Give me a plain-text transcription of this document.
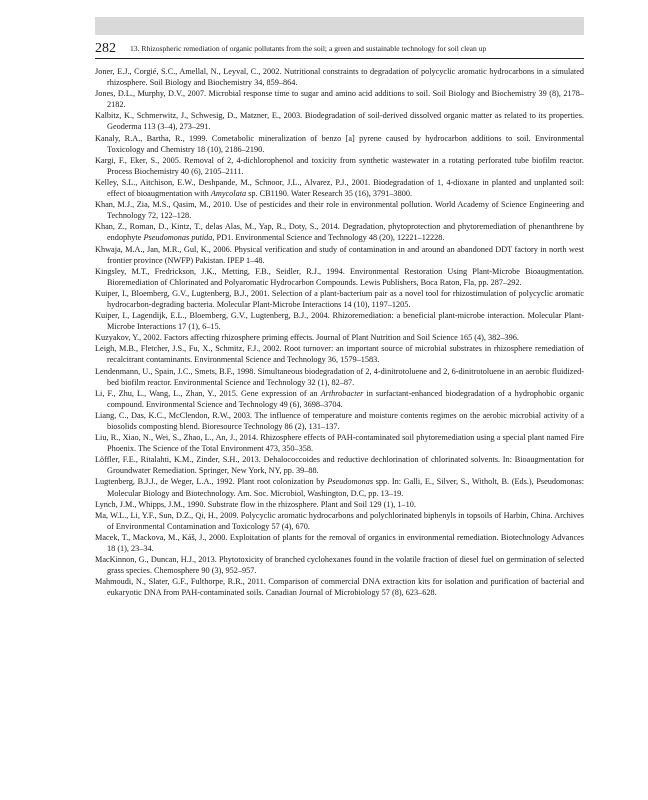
282 13. Rhizospheric remediation of organic pollutants from the soil; a green and sustainable technology for soil clean up

Joner, E.J., Corgié, S.C., Amellal, N., Leyval, C., 2002. Nutritional constraints to degradation of polycyclic aromatic hydrocarbons in a simulated rhizosphere. Soil Biology and Biochemistry 34, 859–864.

Jones, D.L., Murphy, D.V., 2007. Microbial response time to sugar and amino acid additions to soil. Soil Biology and Biochemistry 39 (8), 2178–2182.

Kalbitz, K., Schmerwitz, J., Schwesig, D., Matzner, E., 2003. Biodegradation of soil-derived dissolved organic matter as related to its properties. Geoderma 113 (3–4), 273–291.

Kanaly, R.A., Bartha, R., 1999. Cometabolic mineralization of benzo [a] pyrene caused by hydrocarbon additions to soil. Environmental Toxicology and Chemistry 18 (10), 2186–2190.

Kargi, F., Eker, S., 2005. Removal of 2, 4-dichlorophenol and toxicity from synthetic wastewater in a rotating perforated tube biofilm reactor. Process Biochemistry 40 (6), 2105–2111.

Kelley, S.L., Aitchison, E.W., Deshpande, M., Schnoor, J.L., Alvarez, P.J., 2001. Biodegradation of 1, 4-dioxane in planted and unplanted soil: effect of bioaugmentation with Amycolata sp. CB1190. Water Research 35 (16), 3791–3800.

Khan, M.J., Zia, M.S., Qasim, M., 2010. Use of pesticides and their role in environmental pollution. World Academy of Science Engineering and Technology 72, 122–128.

Khan, Z., Roman, D., Kintz, T., delas Alas, M., Yap, R., Doty, S., 2014. Degradation, phytoprotection and phytoremediation of phenanthrene by endophyte Pseudomonas putida, PD1. Environmental Science and Technology 48 (20), 12221–12228.

Khwaja, M.A., Jan, M.R., Gul, K., 2006. Physical verification and study of contamination in and around an abandoned DDT factory in north west frontier province (NWFP) Pakistan. IPEP 1–48.

Kingsley, M.T., Fredrickson, J.K., Metting, F.B., Seidler, R.J., 1994. Environmental Restoration Using Plant-Microbe Bioaugmentation. Bioremediation of Chlorinated and Polyaromatic Hydrocarbon Compounds. Lewis Publishers, Boca Raton, Fla, pp. 287–292.

Kuiper, I., Bloemberg, G.V., Lugtenberg, B.J., 2001. Selection of a plant-bacterium pair as a novel tool for rhizostimulation of polycyclic aromatic hydrocarbon-degrading bacteria. Molecular Plant-Microbe Interactions 14 (10), 1197–1205.

Kuiper, I., Lagendijk, E.L., Bloemberg, G.V., Lugtenberg, B.J., 2004. Rhizoremediation: a beneficial plant-microbe interaction. Molecular Plant-Microbe Interactions 17 (1), 6–15.

Kuzyakov, Y., 2002. Factors affecting rhizosphere priming effects. Journal of Plant Nutrition and Soil Science 165 (4), 382–396.

Leigh, M.B., Fletcher, J.S., Fu, X., Schmitz, F.J., 2002. Root turnover: an important source of microbial substrates in rhizosphere remediation of recalcitrant contaminants. Environmental Science and Technology 36, 1579–1583.

Lendenmann, U., Spain, J.C., Smets, B.F., 1998. Simultaneous biodegradation of 2, 4-dinitrotoluene and 2, 6-dinitrotoluene in an aerobic fluidized-bed biofilm reactor. Environmental Science and Technology 32 (1), 82–87.

Li, F., Zhu, L., Wang, L., Zhan, Y., 2015. Gene expression of an Arthrobacter in surfactant-enhanced biodegradation of a hydrophobic organic compound. Environmental Science and Technology 49 (6), 3698–3704.

Liang, C., Das, K.C., McClendon, R.W., 2003. The influence of temperature and moisture contents regimes on the aerobic microbial activity of a biosolids composting blend. Bioresource Technology 86 (2), 131–137.

Liu, R., Xiao, N., Wei, S., Zhao, L., An, J., 2014. Rhizosphere effects of PAH-contaminated soil phytoremediation using a special plant named Fire Phoenix. The Science of the Total Environment 473, 350–358.

Löffler, F.E., Ritalahti, K.M., Zinder, S.H., 2013. Dehalococcoides and reductive dechlorination of chlorinated solvents. In: Bioaugmentation for Groundwater Remediation. Springer, New York, NY, pp. 39–88.

Lugtenberg, B.J.J., de Weger, L.A., 1992. Plant root colonization by Pseudomonas spp. In: Galli, E., Silver, S., Witholt, B. (Eds.), Pseudomonas: Molecular Biology and Biotechnology. Am. Soc. Microbiol, Washington, D.C, pp. 13–19.

Lynch, J.M., Whipps, J.M., 1990. Substrate flow in the rhizosphere. Plant and Soil 129 (1), 1–10.

Ma, W.L., Li, Y.F., Sun, D.Z., Qi, H., 2009. Polycyclic aromatic hydrocarbons and polychlorinated biphenyls in topsoils of Harbin, China. Archives of Environmental Contamination and Toxicology 57 (4), 670.

Macek, T., Mackova, M., Káš, J., 2000. Exploitation of plants for the removal of organics in environmental remediation. Biotechnology Advances 18 (1), 23–34.

MacKinnon, G., Duncan, H.J., 2013. Phytotoxicity of branched cyclohexanes found in the volatile fraction of diesel fuel on germination of selected grass species. Chemosphere 90 (3), 952–957.

Mahmoudi, N., Slater, G.F., Fulthorpe, R.R., 2011. Comparison of commercial DNA extraction kits for isolation and purification of bacterial and eukaryotic DNA from PAH-contaminated soils. Canadian Journal of Microbiology 57 (8), 623–628.
